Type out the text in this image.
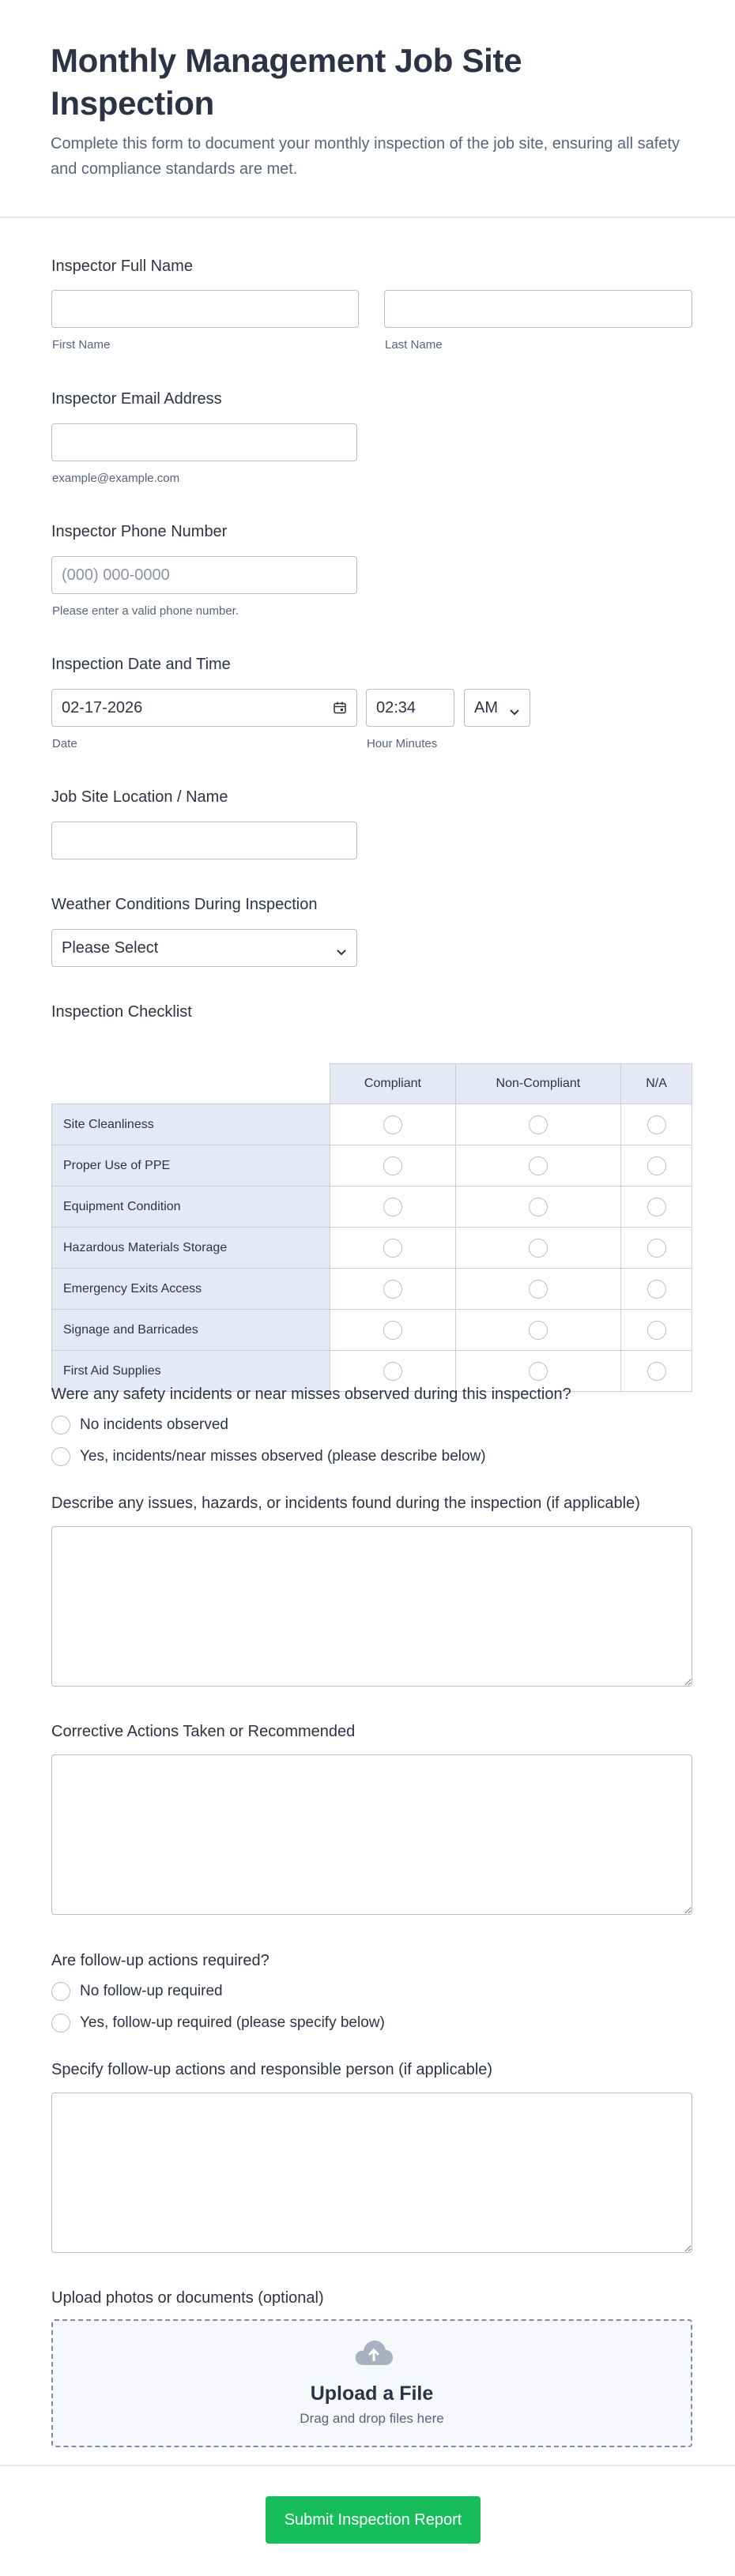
Monthly Management Job Site Inspection

Complete this form to document your monthly inspection of the job site, ensuring all safety and compliance standards are met.

Inspector Full Name
First Name	Last Name
Inspector Email Address
example@example.com
Inspector Phone Number
(000) 000-0000
Please enter a valid phone number.
Inspection Date and Time
02-17-2026
Date
02:34
Hour Minutes
AM
Job Site Location / Name
Weather Conditions During Inspection
Please Select
Inspection Checklist
	Compliant	Non-Compliant	N/A
Site Cleanliness			
Proper Use of PPE			
Equipment Condition			
Hazardous Materials Storage			
Emergency Exits Access			
Signage and Barricades			
First Aid Supplies			
Were any safety incidents or near misses observed during this inspection?
No incidents observed
Yes, incidents/near misses observed (please describe below)
Describe any issues, hazards, or incidents found during the inspection (if applicable)
Corrective Actions Taken or Recommended
Are follow-up actions required?
No follow-up required
Yes, follow-up required (please specify below)
Specify follow-up actions and responsible person (if applicable)
Upload photos or documents (optional)
Upload a File
Drag and drop files here
Submit Inspection Report
